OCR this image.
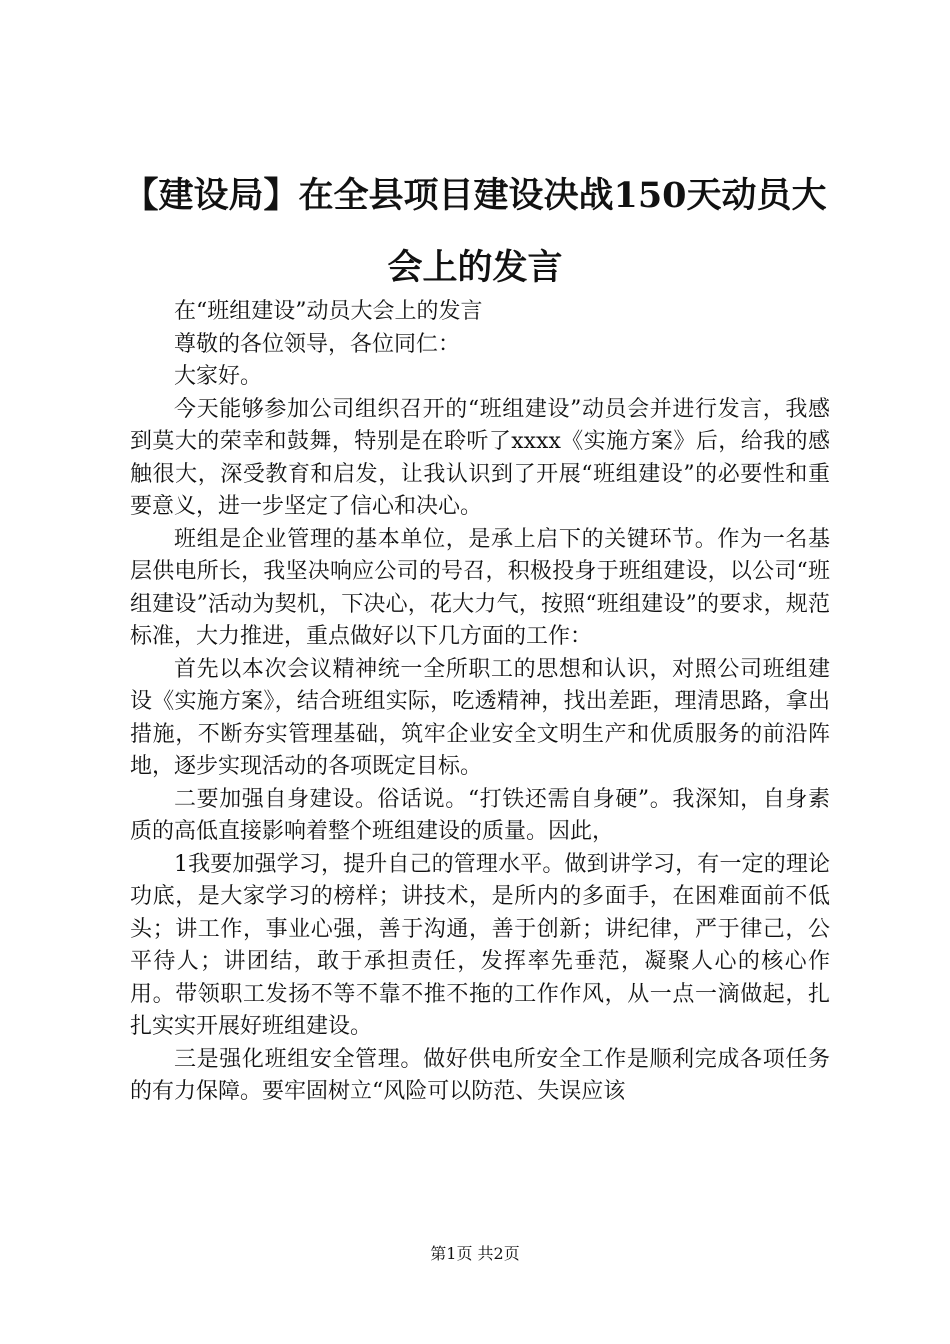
【建设局】在全县项目建设决战150天动员大会上的发言

在“班组建设”动员大会上的发言

尊敬的各位领导，各位同仁：

大家好。

今天能够参加公司组织召开的“班组建设”动员会并进行发言，我感到莫大的荣幸和鼓舞，特别是在聆听了xxxx《实施方案》后，给我的感触很大，深受教育和启发，让我认识到了开展“班组建设”的必要性和重要意义，进一步坚定了信心和决心。

班组是企业管理的基本单位，是承上启下的关键环节。作为一名基层供电所长，我坚决响应公司的号召，积极投身于班组建设，以公司“班组建设”活动为契机，下决心，花大力气，按照“班组建设”的要求，规范标准，大力推进，重点做好以下几方面的工作：

首先以本次会议精神统一全所职工的思想和认识，对照公司班组建设《实施方案》，结合班组实际，吃透精神，找出差距，理清思路，拿出措施，不断夯实管理基础，筑牢企业安全文明生产和优质服务的前沿阵地，逐步实现活动的各项既定目标。

二要加强自身建设。俗话说。“打铁还需自身硬”。我深知，自身素质的高低直接影响着整个班组建设的质量。因此，

1我要加强学习，提升自己的管理水平。做到讲学习，有一定的理论功底，是大家学习的榜样；讲技术，是所内的多面手，在困难面前不低头；讲工作，事业心强，善于沟通，善于创新；讲纪律，严于律己，公平待人；讲团结，敢于承担责任，发挥率先垂范，凝聚人心的核心作用。带领职工发扬不等不靠不推不拖的工作作风，从一点一滴做起，扎扎实实开展好班组建设。

三是强化班组安全管理。做好供电所安全工作是顺利完成各项任务的有力保障。要牢固树立“风险可以防范、失误应该

第1页 共2页
